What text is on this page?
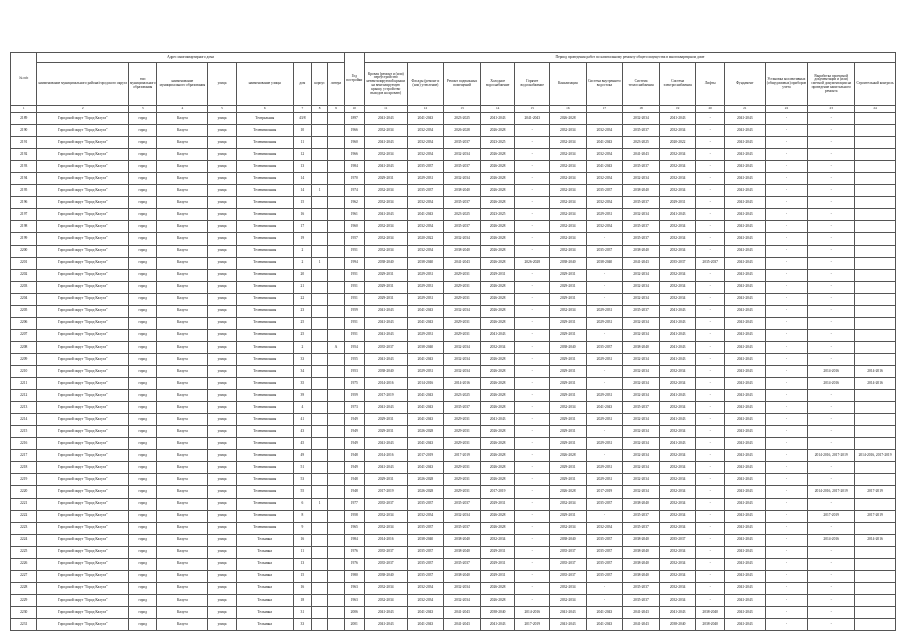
№ п/п	Адрес многоквартирного дома								Год постройки	Период проведения работ по капитальному ремонту общего имущества в многоквартирном доме													
	наименование муниципального района/городского округа	тип муниципального образования	наименование муниципального образования	улица	наименование улицы	дом	корпус	литера		Кровля (ремонт и (или) переустройство невентилируемой крыши на вентилируемую крышу, устройство выходов на кровлю)	Фасады (ремонт и (или) утепление)	Ремонт подвальных помещений	Холодное водоснабжение	Горячее водоснабжение	Канализация	Система внутреннего водостока	Система теплоснабжения	Система электроснабжения	Лифты	Фундамент	Установка коллективных (общедомовых) приборов учета	Выработка проектной документации и (или) сметной документации на проведение капитального ремонта	Строительный контроль
1	2	3	4	5	6	7	8	9	10	11	12	13	14	15	16	17	18	19	20	21	22	23	24
2189	Городской округ "Город Калуга"	город	Калуга	улица	Театральная	43/8			1897	2041-2043	2041-2043	2023-2025	2041-2043	2041-2043	2026-2028		2032-2034	2041-2043	-	2041-2043	-	-	
2190	Городской округ "Город Калуга"	город	Калуга	улица	Телевизионная	10			1966	2032-2034	2032-2034	2026-2028	2026-2028	-	2032-2034	2032-2034	2035-2037	2032-2034	-	2041-2043	-	-	
2191	Городской округ "Город Калуга"	город	Калуга	улица	Телевизионная	11			1960	2041-2043	2032-2034	2035-2037	2023-2025	-	2032-2034	2041-2043	2023-2025	2020-2022	-	2041-2043	-	-	
2192	Городской округ "Город Калуга"	город	Калуга	улица	Телевизионная	12			1966	2032-2034	2032-2034	2032-2034	2026-2028	-	2032-2034	2032-2034	2041-2043	2032-2034	-	2041-2043	-	-	
2193	Городской округ "Город Калуга"	город	Калуга	улица	Телевизионная	13			1984	2041-2043	2035-2037	2035-2037	2026-2028	-	2032-2034	2041-2043	2035-2037	2032-2034	-	2041-2043	-	-	
2194	Городской округ "Город Калуга"	город	Калуга	улица	Телевизионная	14			1970	2029-2031	2029-2031	2032-2034	2026-2028	-	2032-2034	2032-2034	2032-2034	2032-2034	-	2041-2043	-	-	
2195	Городской округ "Город Калуга"	город	Калуга	улица	Телевизионная	14	1		1974	2032-2034	2035-2037	2038-2040	2026-2028	-	2032-2034	2035-2037	2038-2040	2032-2034	-	2041-2043	-	-	
2196	Городской округ "Город Калуга"	город	Калуга	улица	Телевизионная	15			1962	2032-2034	2032-2034	2035-2037	2026-2028	-	2032-2034	2032-2034	2035-2037	2029-2031	-	2041-2043	-	-	
2197	Городской округ "Город Калуга"	город	Калуга	улица	Телевизионная	16			1961	2041-2043	2041-2043	2023-2025	2023-2025	-	2032-2034	2029-2031	2032-2034	2041-2043	-	2041-2043	-	-	
2198	Городской округ "Город Калуга"	город	Калуга	улица	Телевизионная	17			1960	2032-2034	2032-2034	2035-2037	2026-2028	-	2032-2034	2032-2034	2035-2037	2032-2034	-	2041-2043	-	-	
2199	Городской округ "Город Калуга"	город	Калуга	улица	Телевизионная	19			1957	2032-2034	2020-2022	2032-2034	2026-2028	-	2032-2034	-	2035-2037	2032-2034	-	2041-2043	-	-	
2200	Городской округ "Город Калуга"	город	Калуга	улица	Телевизионная	2			1951	2032-2034	2032-2034	2038-2040	2026-2028	-	2032-2034	2035-2037	2038-2040	2032-2034	-	2041-2043	-	-	
2201	Городской округ "Город Калуга"	город	Калуга	улица	Телевизионная	2	1		1994	2038-2040	2038-2040	2041-2043	2026-2028	2026-2028	2038-2040	2038-2040	2041-2043	2035-2037	2035-2037	2041-2043	-	-	
2202	Городской округ "Город Калуга"	город	Калуга	улица	Телевизионная	20			1951	2029-2031	2029-2031	2029-2031	2029-2031	-	2029-2031	-	2032-2034	2032-2034	-	2041-2043	-	-	
2203	Городской округ "Город Калуга"	город	Калуга	улица	Телевизионная	21			1951	2029-2031	2029-2031	2029-2031	2026-2028	-	2029-2031	-	2032-2034	2032-2034	-	2041-2043	-	-	
2204	Городской округ "Город Калуга"	город	Калуга	улица	Телевизионная	22			1951	2029-2031	2029-2031	2029-2031	2026-2028	-	2029-2031	-	2032-2034	2032-2034	-	2041-2043	-	-	
2205	Городской округ "Город Калуга"	город	Калуга	улица	Телевизионная	23			1959	2041-2043	2041-2043	2032-2034	2026-2028	-	2032-2034	2029-2031	2035-2037	2041-2043	-	2041-2043	-	-	
2206	Городской округ "Город Калуга"	город	Калуга	улица	Телевизионная	25			1951	2041-2043	2041-2043	2029-2031	2026-2028	-	2029-2031	2029-2031	2032-2034	2041-2043	-	2041-2043	-	-	
2207	Городской округ "Город Калуга"	город	Калуга	улица	Телевизионная	25			1951	2041-2043	2029-2031	2029-2031	2041-2043	-	2029-2031	-	2032-2034	2041-2043	-	2041-2043	-	-	
2208	Городской округ "Город Калуга"	город	Калуга	улица	Телевизионная	2		А	1954	2035-2037	2038-2040	2032-2034	2032-2034	-	2038-2040	2035-2037	2038-2040	2041-2043	-	2041-2043	-	-	
2209	Городской округ "Город Калуга"	город	Калуга	улица	Телевизионная	33			1955	2041-2043	2041-2043	2032-2034	2026-2028	-	2029-2031	2029-2031	2032-2034	2041-2043	-	2041-2043	-	-	
2210	Городской округ "Город Калуга"	город	Калуга	улица	Телевизионная	34			1953	2038-2040	2029-2031	2032-2034	2026-2028	-	2029-2031	-	2032-2034	2032-2034	-	2041-2043	-	2014-2016	2014-2016
2211	Городской округ "Город Калуга"	город	Калуга	улица	Телевизионная	35			1975	2014-2016	2014-2016	2014-2016	2026-2028	-	2029-2031	-	2032-2034	2032-2034	-	2041-2043	-	2014-2016	2014-2016
2212	Городской округ "Город Калуга"	город	Калуга	улица	Телевизионная	39			1959	2017-2019	2041-2043	2023-2025	2026-2028	-	2029-2031	2029-2031	2032-2034	2041-2043	-	2041-2043	-	-	
2213	Городской округ "Город Калуга"	город	Калуга	улица	Телевизионная	4			1973	2041-2043	2041-2043	2035-2037	2026-2028	-	2032-2034	2041-2043	2035-2037	2032-2034	-	2041-2043	-	-	
2214	Городской округ "Город Калуга"	город	Калуга	улица	Телевизионная	41			1949	2029-2031	2041-2043	2029-2031	2041-2043	-	2029-2031	2029-2031	2032-2034	2041-2043	-	2041-2043	-	-	
2215	Городской округ "Город Калуга"	город	Калуга	улица	Телевизионная	43			1949	2029-2031	2026-2028	2029-2031	2026-2028	-	2029-2031	-	2032-2034	2032-2034	-	2041-2043	-	-	
2216	Городской округ "Город Калуга"	город	Калуга	улица	Телевизионная	45			1949	2041-2043	2041-2043	2029-2031	2026-2028	-	2029-2031	2029-2031	2032-2034	2041-2043	-	2041-2043	-	-	
2217	Городской округ "Город Калуга"	город	Калуга	улица	Телевизионная	49			1948	2014-2016	2017-2019	2017-2019	2026-2028	-	2026-2028	-	2032-2034	2032-2034	-	2041-2043	-	2014-2016, 2017-2019	2014-2016, 2017-2019
2218	Городской округ "Город Калуга"	город	Калуга	улица	Телевизионная	51			1949	2041-2043	2041-2043	2029-2031	2026-2028	-	2029-2031	2029-2031	2032-2034	2032-2034	-	2041-2043	-	-	
2219	Городской округ "Город Калуга"	город	Калуга	улица	Телевизионная	53			1948	2029-2031	2026-2028	2029-2031	2026-2028	-	2029-2031	2029-2031	2032-2034	2032-2034	-	2041-2043	-	-	
2220	Городской округ "Город Калуга"	город	Калуга	улица	Телевизионная	55			1948	2017-2019	2026-2028	2029-2031	2017-2019	-	2026-2028	2017-2019	2032-2034	2032-2034	-	2041-2043	-	2014-2016, 2017-2019	2017-2019
2221	Городской округ "Город Калуга"	город	Калуга	улица	Телевизионная	6	1		1977	2035-2037	2035-2037	2035-2037	2029-2031	-	2032-2034	2035-2037	2038-2040	2032-2034	-	2041-2043	-	-	
2222	Городской округ "Город Калуга"	город	Калуга	улица	Телевизионная	8			1958	2032-2034	2032-2034	2032-2034	2026-2028	-	2029-2031	-	2035-2037	2032-2034	-	2041-2043	-	2017-2019	2017-2019
2223	Городской округ "Город Калуга"	город	Калуга	улица	Телевизионная	9			1965	2032-2034	2035-2037	2035-2037	2026-2028	-	2032-2034	2032-2034	2035-2037	2032-2034	-	2041-2043	-	-	
2224	Городской округ "Город Калуга"	город	Калуга	улица	Тельмана	16			1984	2014-2016	2038-2040	2038-2040	2032-2034	-	2038-2040	2035-2037	2038-2040	2035-2037	-	2041-2043	-	2014-2016	2014-2016
2225	Городской округ "Город Калуга"	город	Калуга	улица	Тельмана	11			1976	2035-2037	2035-2037	2038-2040	2029-2031	-	2035-2037	2035-2037	2038-2040	2032-2034	-	2041-2043	-	-	
2226	Городской округ "Город Калуга"	город	Калуга	улица	Тельмана	13			1976	2035-2037	2035-2037	2035-2037	2029-2031	-	2035-2037	2035-2037	2038-2040	2032-2034	-	2041-2043	-	-	
2227	Городской округ "Город Калуга"	город	Калуга	улица	Тельмана	15			1980	2038-2040	2035-2037	2038-2040	2029-2031	-	2035-2037	2035-2037	2038-2040	2032-2034	-	2041-2043	-	-	
2228	Городской округ "Город Калуга"	город	Калуга	улица	Тельмана	16			1963	2032-2034	2032-2034	2032-2034	2026-2028	-	2032-2034	-	2035-2037	2032-2034	-	2041-2043	-	-	
2229	Городской округ "Город Калуга"	город	Калуга	улица	Тельмана	18			1963	2032-2034	2032-2034	2032-2034	2026-2028	-	2032-2034	-	2035-2037	2032-2034	-	2041-2043	-	-	
2230	Городской округ "Город Калуга"	город	Калуга	улица	Тельмана	31			2006	2041-2043	2041-2043	2041-2043	2038-2040	2014-2016	2041-2043	2041-2043	2041-2043	2041-2043	2038-2040	2041-2043	-	-	
2231	Городской округ "Город Калуга"	город	Калуга	улица	Тельмана	33			2001	2041-2043	2041-2043	2041-2043	2041-2043	2017-2019	2041-2043	2041-2043	2041-2043	2038-2040	2038-2040	2041-2043	-	-	
